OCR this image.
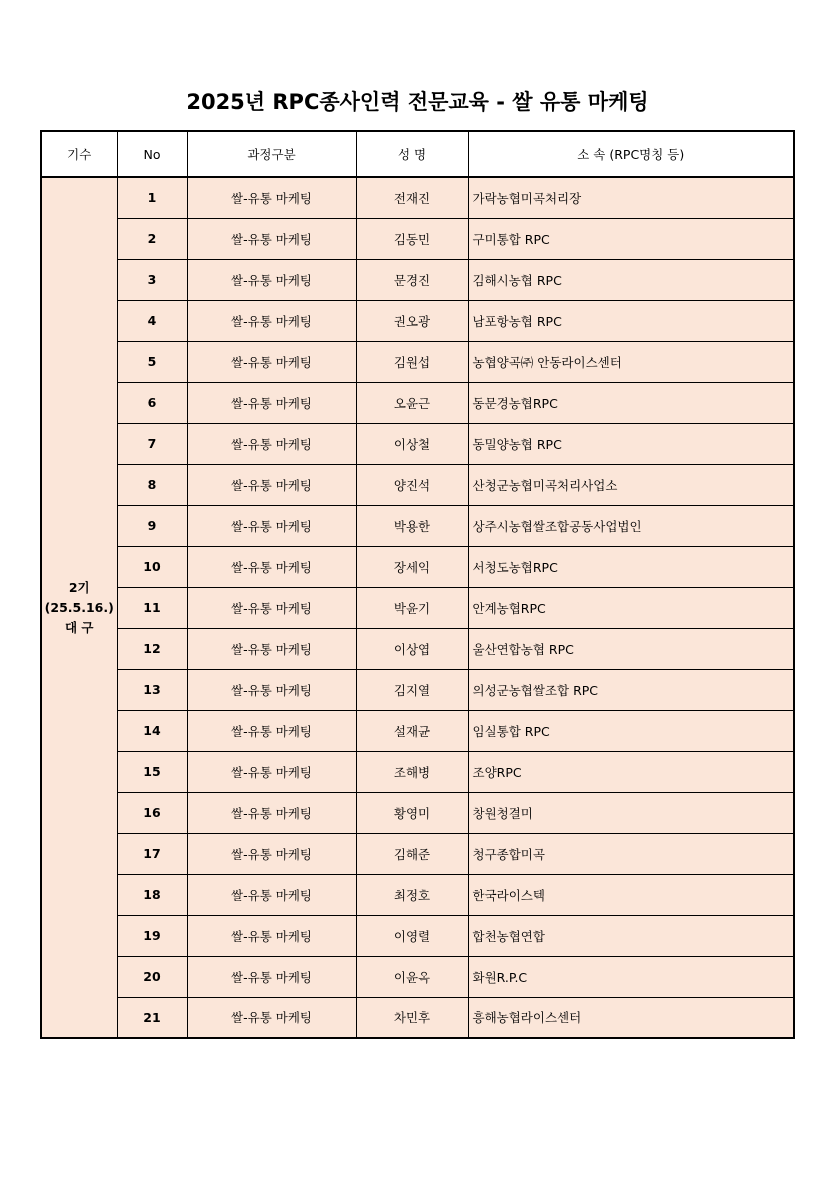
2025년 RPC종사인력 전문교육 - 쌀 유통 마케팅
기수	No	과정구분	성 명	소 속 (RPC명칭 등)

2기
(25.5.16.)
대 구	1	쌀-유통 마케팅	전재진	가락농협미곡처리장
	2	쌀-유통 마케팅	김동민	구미통합 RPC
	3	쌀-유통 마케팅	문경진	김해시농협 RPC
	4	쌀-유통 마케팅	권오광	남포항농협 RPC
	5	쌀-유통 마케팅	김원섭	농협양곡㈜ 안동라이스센터
	6	쌀-유통 마케팅	오윤근	동문경농협RPC
	7	쌀-유통 마케팅	이상철	동밀양농협 RPC
	8	쌀-유통 마케팅	양진석	산청군농협미곡처리사업소
	9	쌀-유통 마케팅	박용한	상주시농협쌀조합공동사업법인
	10	쌀-유통 마케팅	장세익	서청도농협RPC
	11	쌀-유통 마케팅	박윤기	안계농협RPC
	12	쌀-유통 마케팅	이상엽	울산연합농협 RPC
	13	쌀-유통 마케팅	김지열	의성군농협쌀조합 RPC
	14	쌀-유통 마케팅	설재균	임실통합 RPC
	15	쌀-유통 마케팅	조해병	조양RPC
	16	쌀-유통 마케팅	황영미	창원청결미
	17	쌀-유통 마케팅	김해준	청구종합미곡
	18	쌀-유통 마케팅	최정호	한국라이스텍
	19	쌀-유통 마케팅	이영렬	합천농협연합
	20	쌀-유통 마케팅	이윤옥	화원R.P.C
	21	쌀-유통 마케팅	차민후	흥해농협라이스센터
